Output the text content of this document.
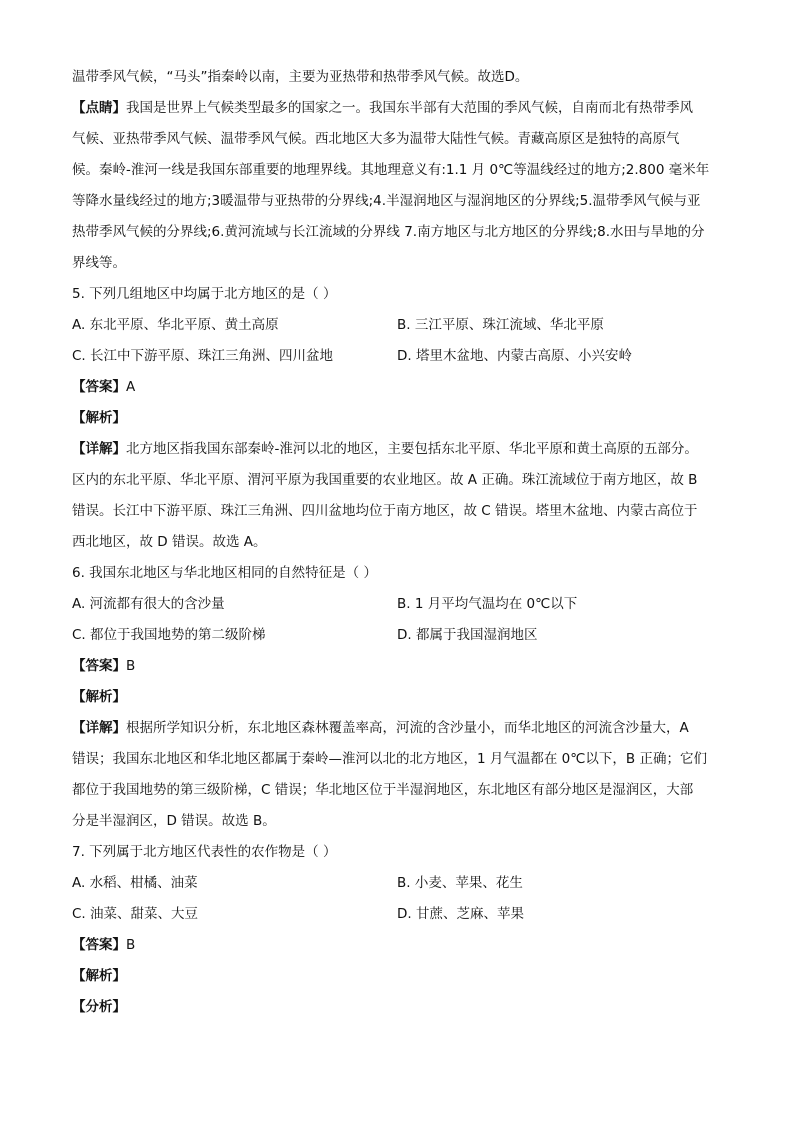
温带季风气候，“马头”指秦岭以南，主要为亚热带和热带季风气候。故选D。

【点睛】我国是世界上气候类型最多的国家之一。我国东半部有大范围的季风气候，自南而北有热带季风
气候、亚热带季风气候、温带季风气候。西北地区大多为温带大陆性气候。青藏高原区是独特的高原气
候。秦岭-淮河一线是我国东部重要的地理界线。其地理意义有:1.1 月 0℃等温线经过的地方;2.800 毫米年
等降水量线经过的地方;3暖温带与亚热带的分界线;4.半湿润地区与湿润地区的分界线;5.温带季风气候与亚
热带季风气候的分界线;6.黄河流域与长江流域的分界线 7.南方地区与北方地区的分界线;8.水田与旱地的分
界线等。

5. 下列几组地区中均属于北方地区的是（ ）

A. 东北平原、华北平原、黄土高原	B. 三江平原、珠江流域、华北平原
C. 长江中下游平原、珠江三角洲、四川盆地	D. 塔里木盆地、内蒙古高原、小兴安岭

【答案】A

【解析】

【详解】北方地区指我国东部秦岭-淮河以北的地区，主要包括东北平原、华北平原和黄土高原的五部分。
区内的东北平原、华北平原、渭河平原为我国重要的农业地区。故 A 正确。珠江流域位于南方地区，故 B
错误。长江中下游平原、珠江三角洲、四川盆地均位于南方地区，故 C 错误。塔里木盆地、内蒙古高位于
西北地区，故 D 错误。故选 A。

6. 我国东北地区与华北地区相同的自然特征是（ ）

A. 河流都有很大的含沙量	B. 1 月平均气温均在 0℃以下
C. 都位于我国地势的第二级阶梯	D. 都属于我国湿润地区

【答案】B

【解析】

【详解】根据所学知识分析，东北地区森林覆盖率高，河流的含沙量小，而华北地区的河流含沙量大，A
错误；我国东北地区和华北地区都属于秦岭—淮河以北的北方地区，1 月气温都在 0℃以下，B 正确；它们
都位于我国地势的第三级阶梯，C 错误；华北地区位于半湿润地区，东北地区有部分地区是湿润区，大部
分是半湿润区，D 错误。故选 B。

7. 下列属于北方地区代表性的农作物是（ ）

A. 水稻、柑橘、油菜	B. 小麦、苹果、花生
C. 油菜、甜菜、大豆	D. 甘蔗、芝麻、苹果

【答案】B

【解析】

【分析】
